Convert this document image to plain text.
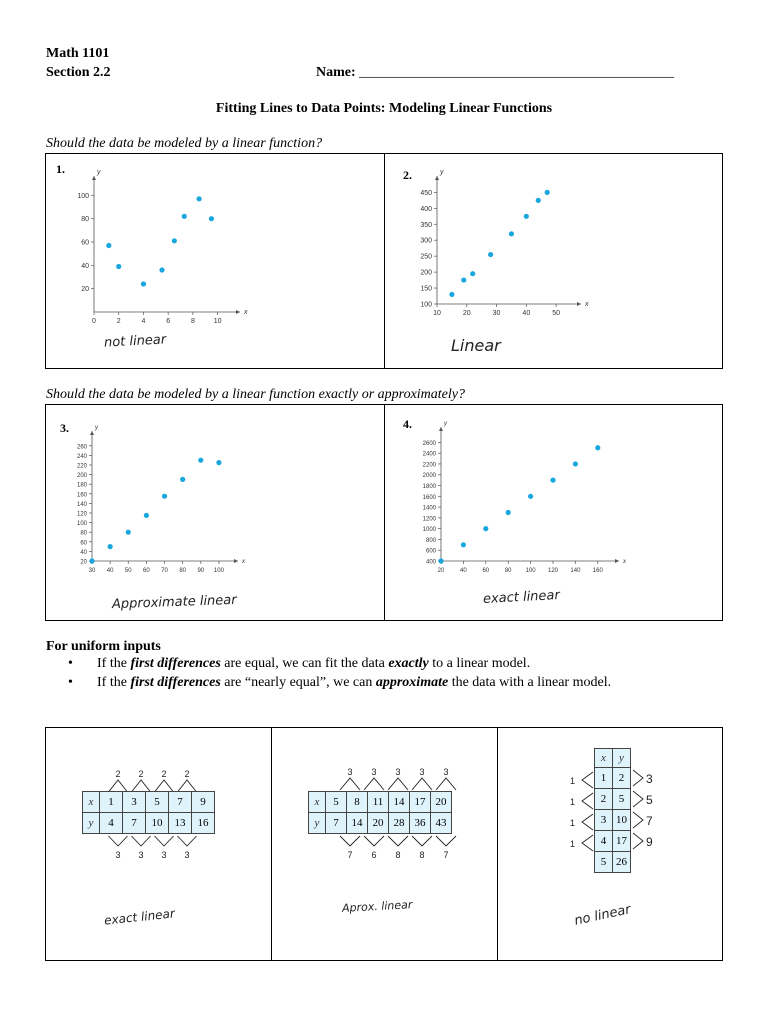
Math 1101
Section 2.2	Name: _____________________________________________
Fitting Lines to Data Points: Modeling Linear Functions
Should the data be modeled by a linear function?
1.
x
y
0	2	4	6	8	10
20
40
60
80
100
not linear
2.
x
y
10	20	30	40	50
100
150
200
250
300
350
400
450
Linear
Should the data be modeled by a linear function exactly or approximately?
3.
x
y
30 40 50 60 70 80 90 100
20
40
60
80
100
120
140
160
180
200
220
240
260
Approximate linear
4.
x
y
20	40	60	80 100 120 140 160
400
600
800
1000
1200
1400
1600
1800
2000
2200
2400
2600
exact linear
For uniform inputs
• If the first differences are equal, we can fit the data exactly to a linear model.
• If the first differences are “nearly equal”, we can approximate the data with a linear model.
2 2 2 2
x	1	3	5	7	9
y	4	7	10	13	16
3 3 3 3
exact linear
3 3 3 3 3
x	5	8	11	14	17	20
y	7	14	20	28	36	43
7 6 8 8 7
Aprox. linear
1
1
1
1
x	y
1	2
2	5
3	10
4	17
5	26
3
5
7
9
no linear
